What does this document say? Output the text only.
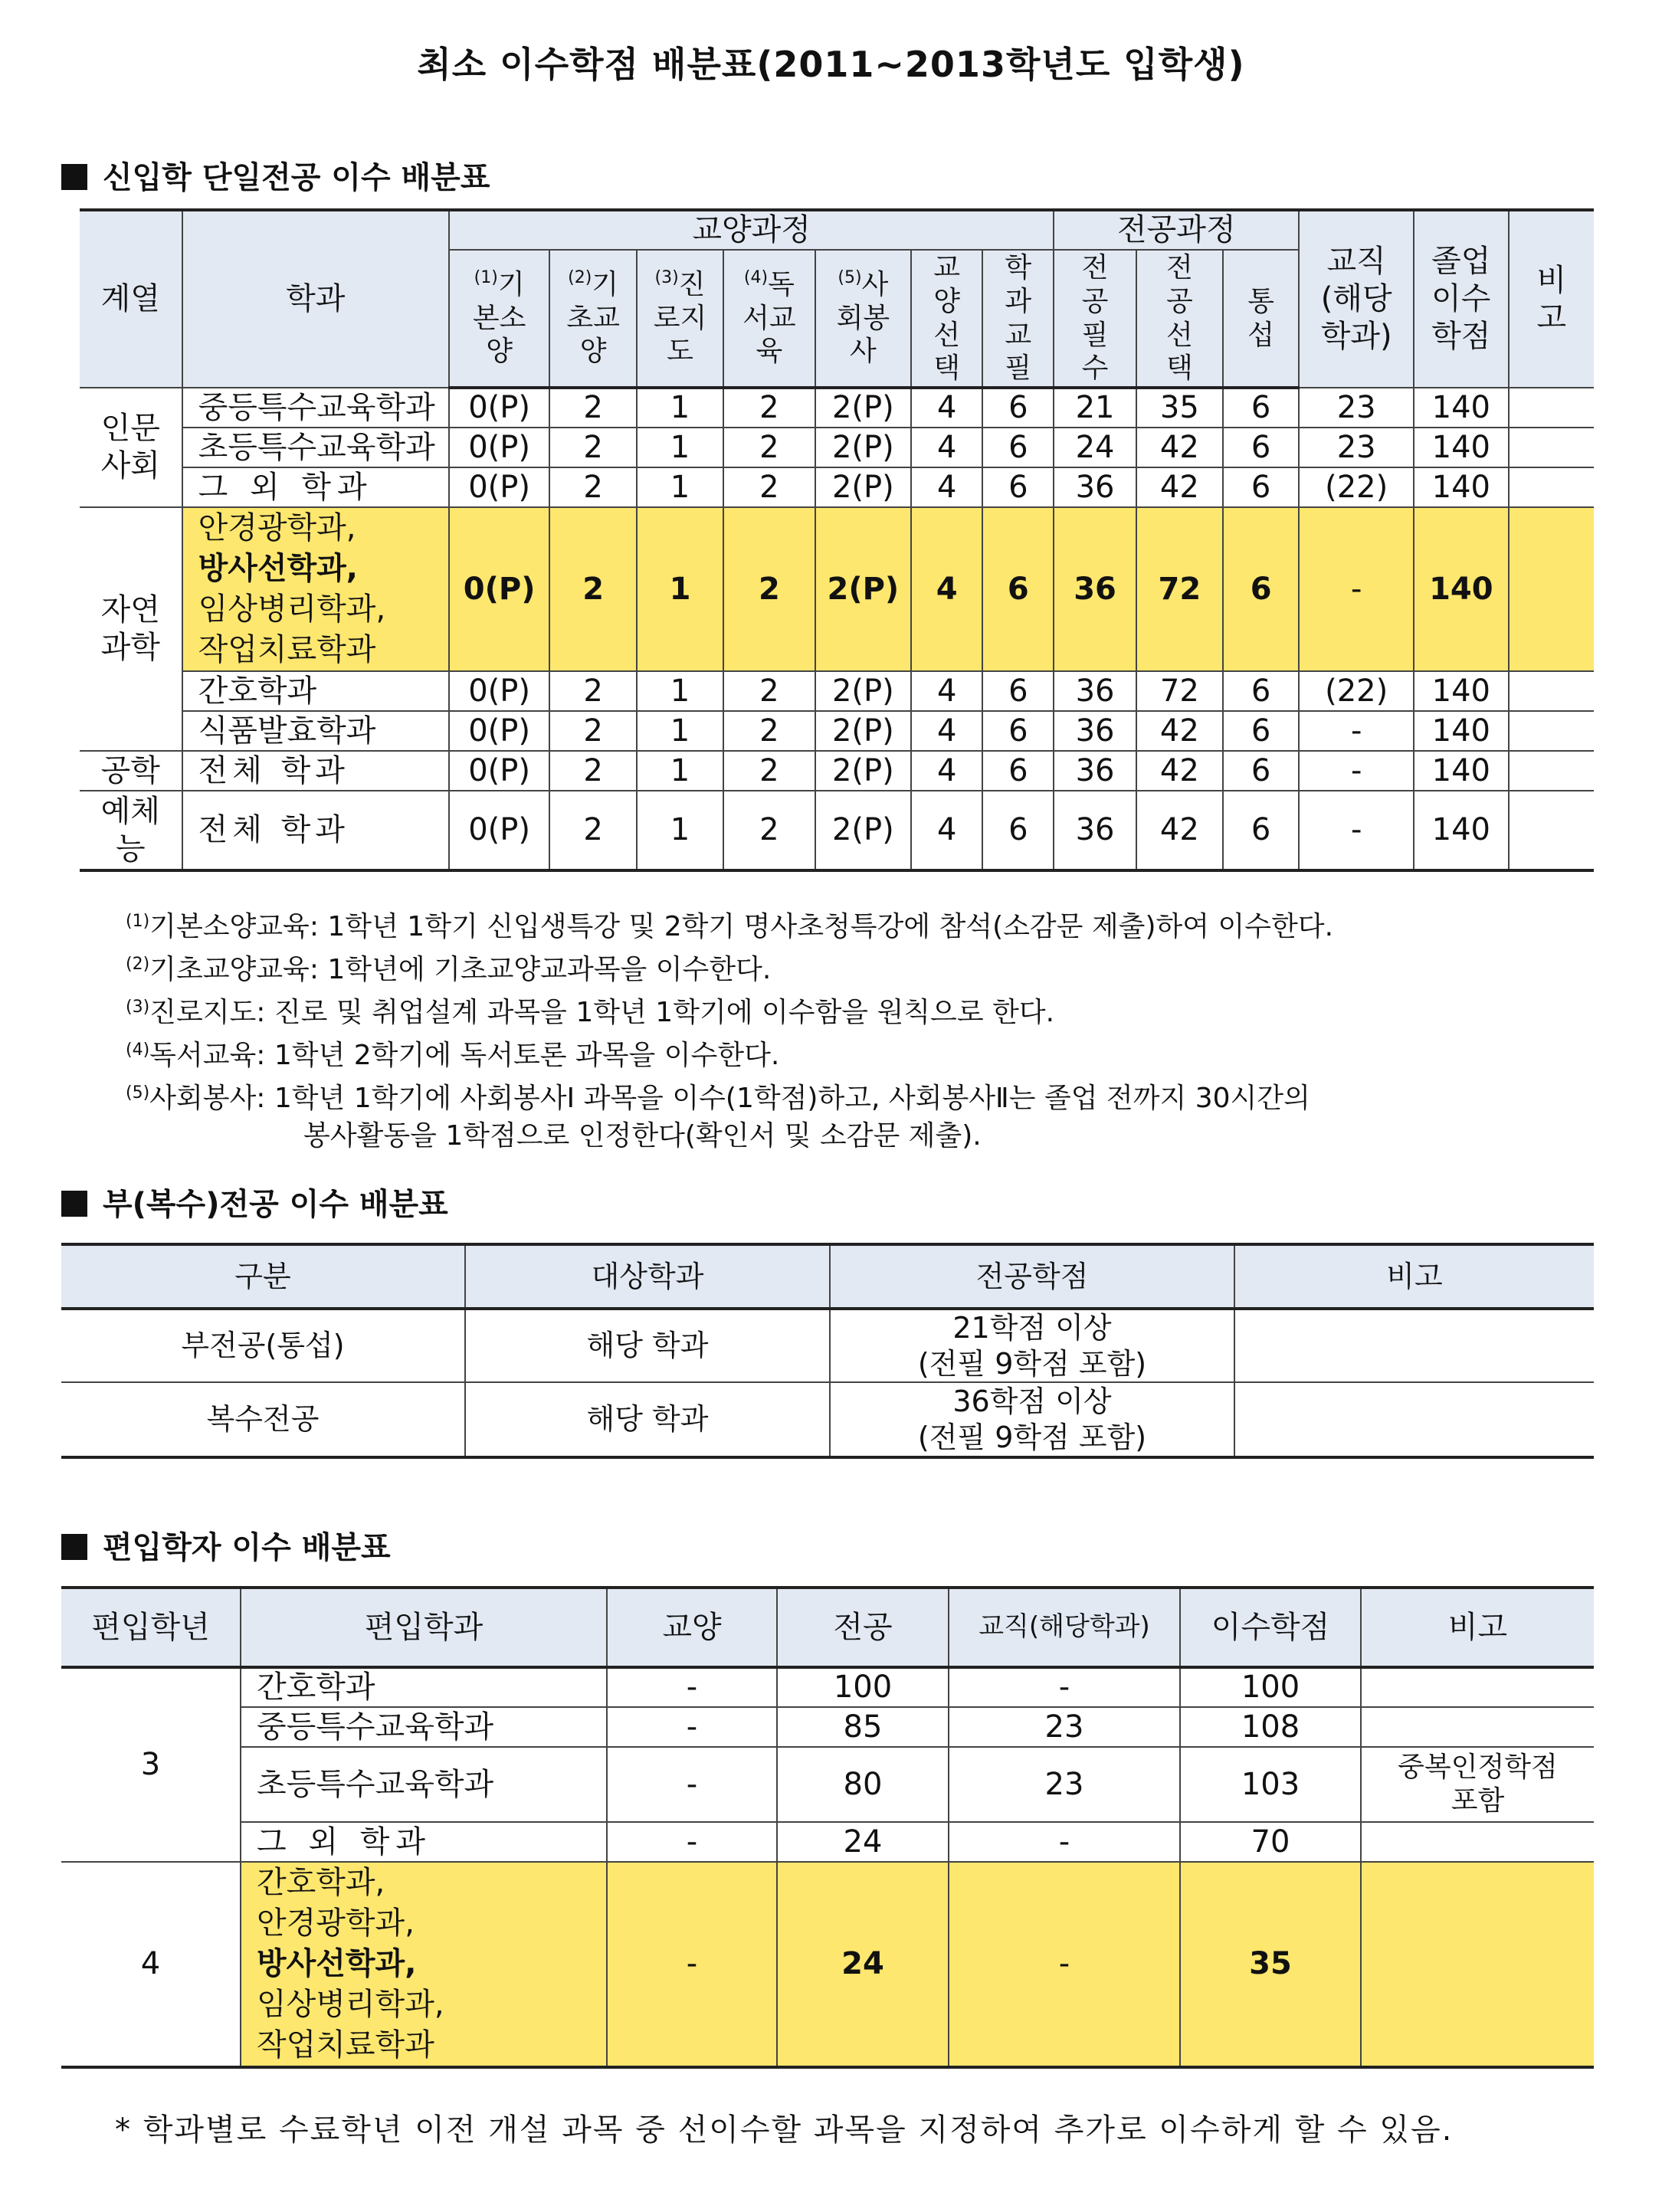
최소 이수학점 배분표(2011~2013학년도 입학생)
신입학 단일전공 이수 배분표
계열	학과	교양과정							전공과정			교직(해당학과)	졸업이수학점	비고

		$^{(1)}$기본소양	$^{(2)}$기초교양	$^{(3)}$진로지도	$^{(4)}$독서교육	$^{(5)}$사회봉사	교양선택	학과교필	전공필수	전공선택	통섭			

인문사회	중등특수교육학과	0(P)	2	1	2	2(P)	4	6	21	35	6	23	140	
	초등특수교육학과	0(P)	2	1	2	2(P)	4	6	24	42	6	23	140	
	그 외 학과	0(P)	2	1	2	2(P)	4	6	36	42	6	(22)	140	

자연과학	안경광학과,
방사선학과,
임상병리학과,
작업치료학과	0(P)	2	1	2	2(P)	4	6	36	72	6	-	140	
	간호학과	0(P)	2	1	2	2(P)	4	6	36	72	6	(22)	140	
	식품발효학과	0(P)	2	1	2	2(P)	4	6	36	42	6	-	140	
공학	전체 학과	0(P)	2	1	2	2(P)	4	6	36	42	6	-	140	

예체능	전체 학과	0(P)	2	1	2	2(P)	4	6	36	42	6	-	140	
$^{(1)}$기본소양교육: 1학년 1학기 신입생특강 및 2학기 명사초청특강에 참석(소감문 제출)하여 이수한다.
$^{(2)}$기초교양교육: 1학년에 기초교양교과목을 이수한다.
$^{(3)}$진로지도: 진로 및 취업설계 과목을 1학년 1학기에 이수함을 원칙으로 한다.
$^{(4)}$독서교육: 1학년 2학기에 독서토론 과목을 이수한다.
$^{(5)}$사회봉사: 1학년 1학기에 사회봉사Ⅰ 과목을 이수(1학점)하고, 사회봉사Ⅱ는 졸업 전까지 30시간의
봉사활동을 1학점으로 인정한다(확인서 및 소감문 제출).
부(복수)전공 이수 배분표
구분	대상학과	전공학점	비고
부전공(통섭)	해당 학과	21학점 이상
(전필 9학점 포함)	

복수전공	해당 학과	36학점 이상
(전필 9학점 포함)	

편입학자 이수 배분표
편입학년	편입학과	교양	전공	교직(해당학과)	이수학점	비고
3	간호학과	-	100	-	100	
	중등특수교육학과	-	85	23	108	
	초등특수교육학과	-	80	23	103	중복인정학점
포함

	그 외 학과	-	24	-	70	
4	간호학과,
안경광학과,
방사선학과,
임상병리학과,
작업치료학과	-	24	-	35	
* 학과별로 수료학년 이전 개설 과목 중 선이수할 과목을 지정하여 추가로 이수하게 할 수 있음.
